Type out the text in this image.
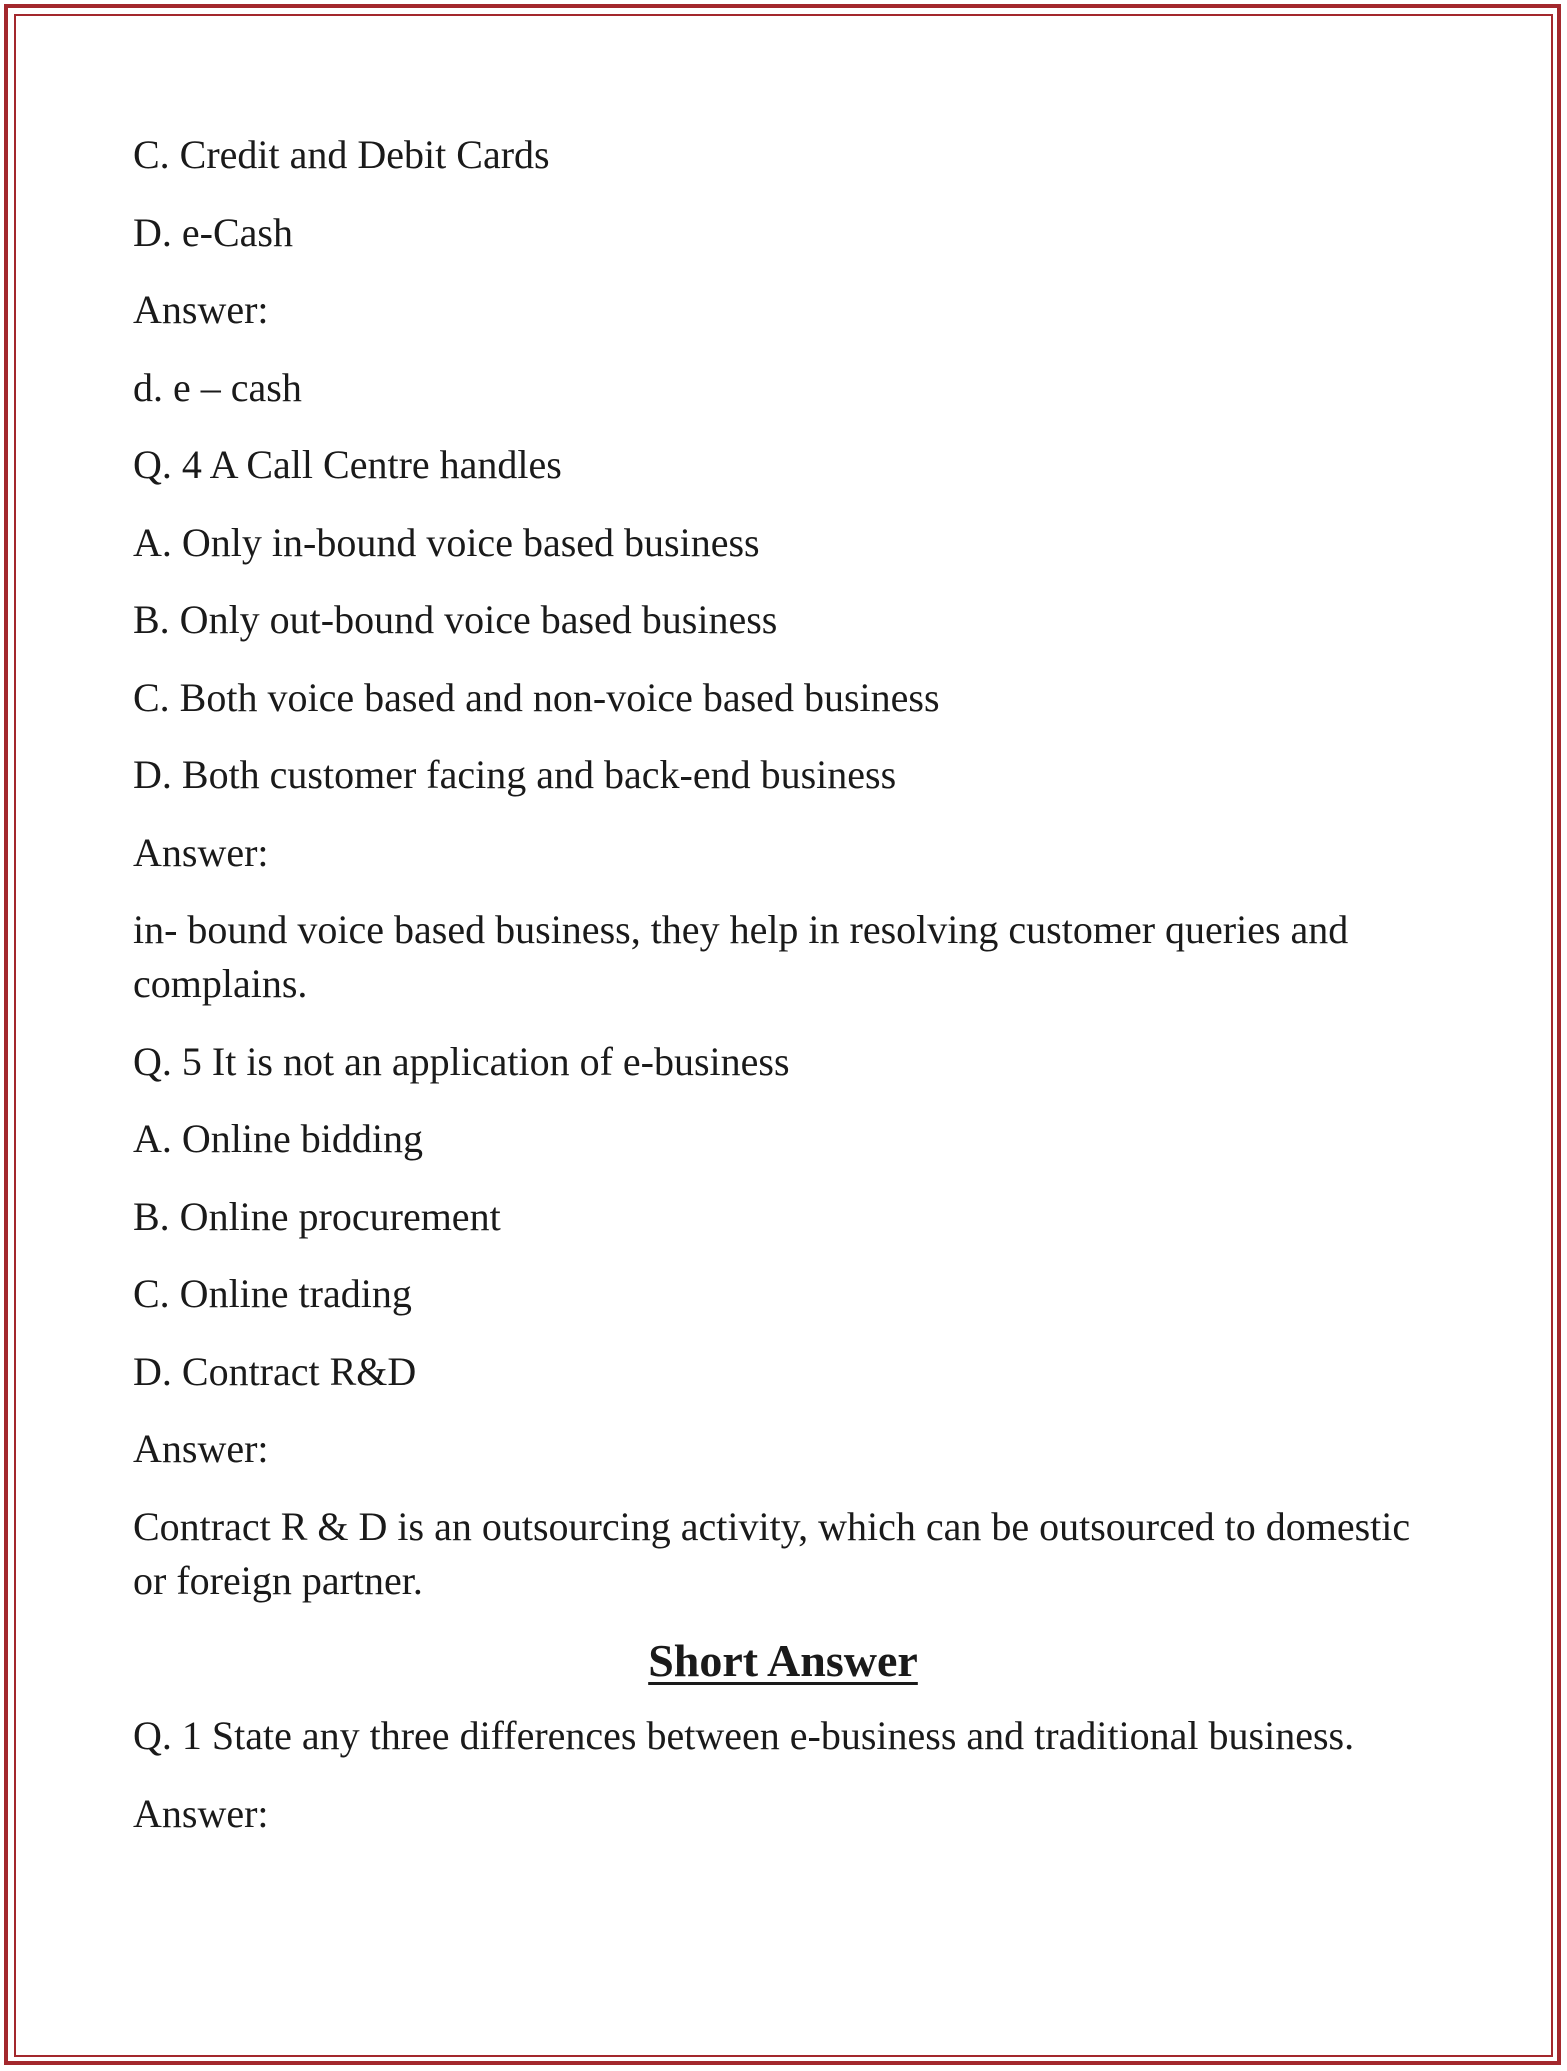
C. Credit and Debit Cards

D. e-Cash

Answer:

d. e – cash

Q. 4 A Call Centre handles

A. Only in-bound voice based business

B. Only out-bound voice based business

C. Both voice based and non-voice based business

D. Both customer facing and back-end business

Answer:

in- bound voice based business, they help in resolving customer queries and complains.

Q. 5 It is not an application of e-business

A. Online bidding

B. Online procurement

C. Online trading

D. Contract R&D

Answer:

Contract R & D is an outsourcing activity, which can be outsourced to domestic or foreign partner.

Short Answer

Q. 1 State any three differences between e-business and traditional business.

Answer:
